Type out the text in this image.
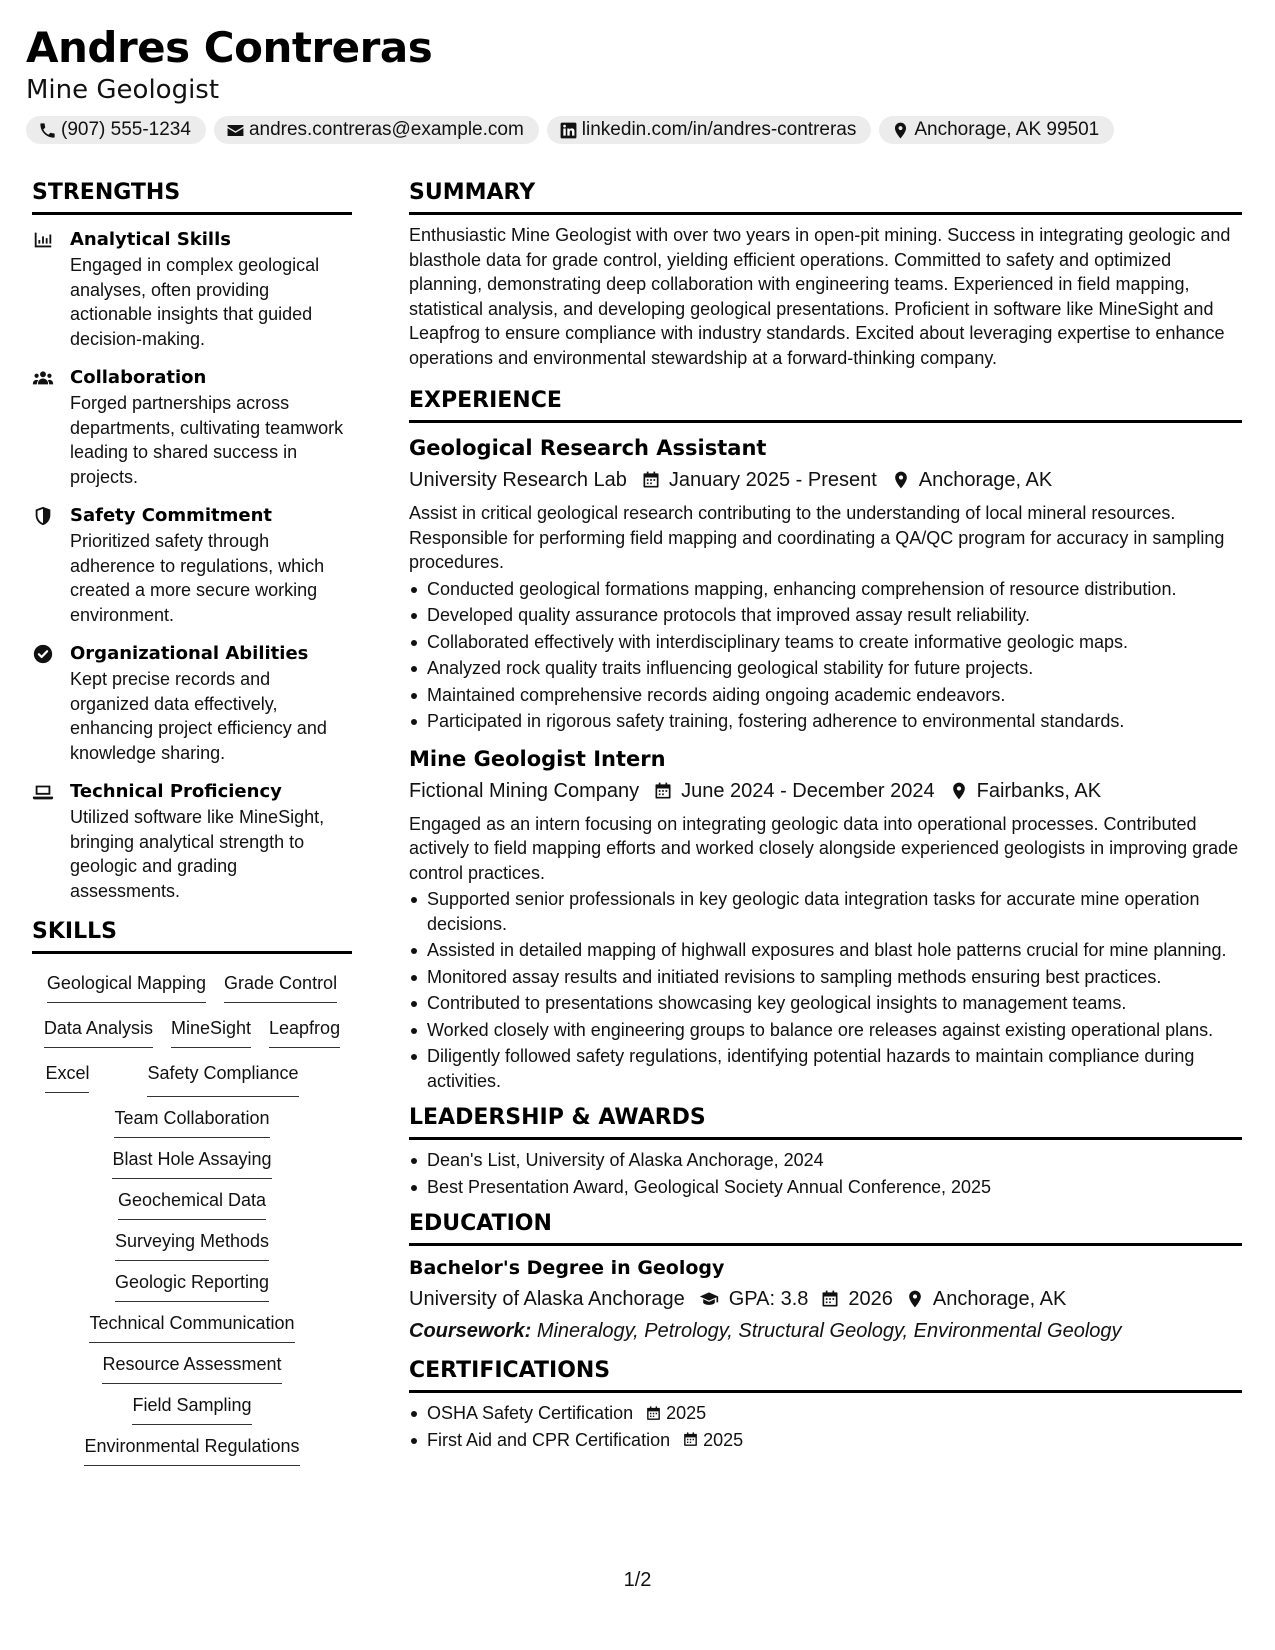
Andres Contreras
Mine Geologist
(907) 555-1234	andres.contreras@example.com	linkedin.com/in/andres-contreras	Anchorage, AK 99501
STRENGTHS
Analytical Skills
Engaged in complex geological analyses, often providing actionable insights that guided decision-making.
Collaboration
Forged partnerships across departments, cultivating teamwork leading to shared success in projects.
Safety Commitment
Prioritized safety through adherence to regulations, which created a more secure working environment.
Organizational Abilities
Kept precise records and organized data effectively, enhancing project efficiency and knowledge sharing.
Technical Proficiency
Utilized software like MineSight, bringing analytical strength to geologic and grading assessments.
SKILLS
Geological Mapping Grade Control
Data Analysis MineSight Leapfrog
Excel	Safety Compliance
Team Collaboration
Blast Hole Assaying
Geochemical Data
Surveying Methods
Geologic Reporting
Technical Communication
Resource Assessment
Field Sampling
Environmental Regulations
SUMMARY
Enthusiastic Mine Geologist with over two years in open-pit mining. Success in integrating geologic and blasthole data for grade control, yielding efficient operations. Committed to safety and optimized planning, demonstrating deep collaboration with engineering teams. Experienced in field mapping, statistical analysis, and developing geological presentations. Proficient in software like MineSight and Leapfrog to ensure compliance with industry standards. Excited about leveraging expertise to enhance operations and environmental stewardship at a forward-thinking company.
EXPERIENCE
Geological Research Assistant
University Research Lab January 2025 - Present Anchorage, AK
Assist in critical geological research contributing to the understanding of local mineral resources. Responsible for performing field mapping and coordinating a QA/QC program for accuracy in sampling procedures.
Conducted geological formations mapping, enhancing comprehension of resource distribution.
Developed quality assurance protocols that improved assay result reliability.
Collaborated effectively with interdisciplinary teams to create informative geologic maps.
Analyzed rock quality traits influencing geological stability for future projects.
Maintained comprehensive records aiding ongoing academic endeavors.
Participated in rigorous safety training, fostering adherence to environmental standards.
Mine Geologist Intern
Fictional Mining Company June 2024 - December 2024 Fairbanks, AK
Engaged as an intern focusing on integrating geologic data into operational processes. Contributed actively to field mapping efforts and worked closely alongside experienced geologists in improving grade control practices.
Supported senior professionals in key geologic data integration tasks for accurate mine operation decisions.
Assisted in detailed mapping of highwall exposures and blast hole patterns crucial for mine planning.
Monitored assay results and initiated revisions to sampling methods ensuring best practices.
Contributed to presentations showcasing key geological insights to management teams.
Worked closely with engineering groups to balance ore releases against existing operational plans.
Diligently followed safety regulations, identifying potential hazards to maintain compliance during activities.
LEADERSHIP & AWARDS
Dean's List, University of Alaska Anchorage, 2024
Best Presentation Award, Geological Society Annual Conference, 2025
EDUCATION
Bachelor's Degree in Geology
University of Alaska Anchorage GPA: 3.8 2026 Anchorage, AK
Coursework: Mineralogy, Petrology, Structural Geology, Environmental Geology
CERTIFICATIONS
OSHA Safety Certification 2025
First Aid and CPR Certification 2025
1/2
